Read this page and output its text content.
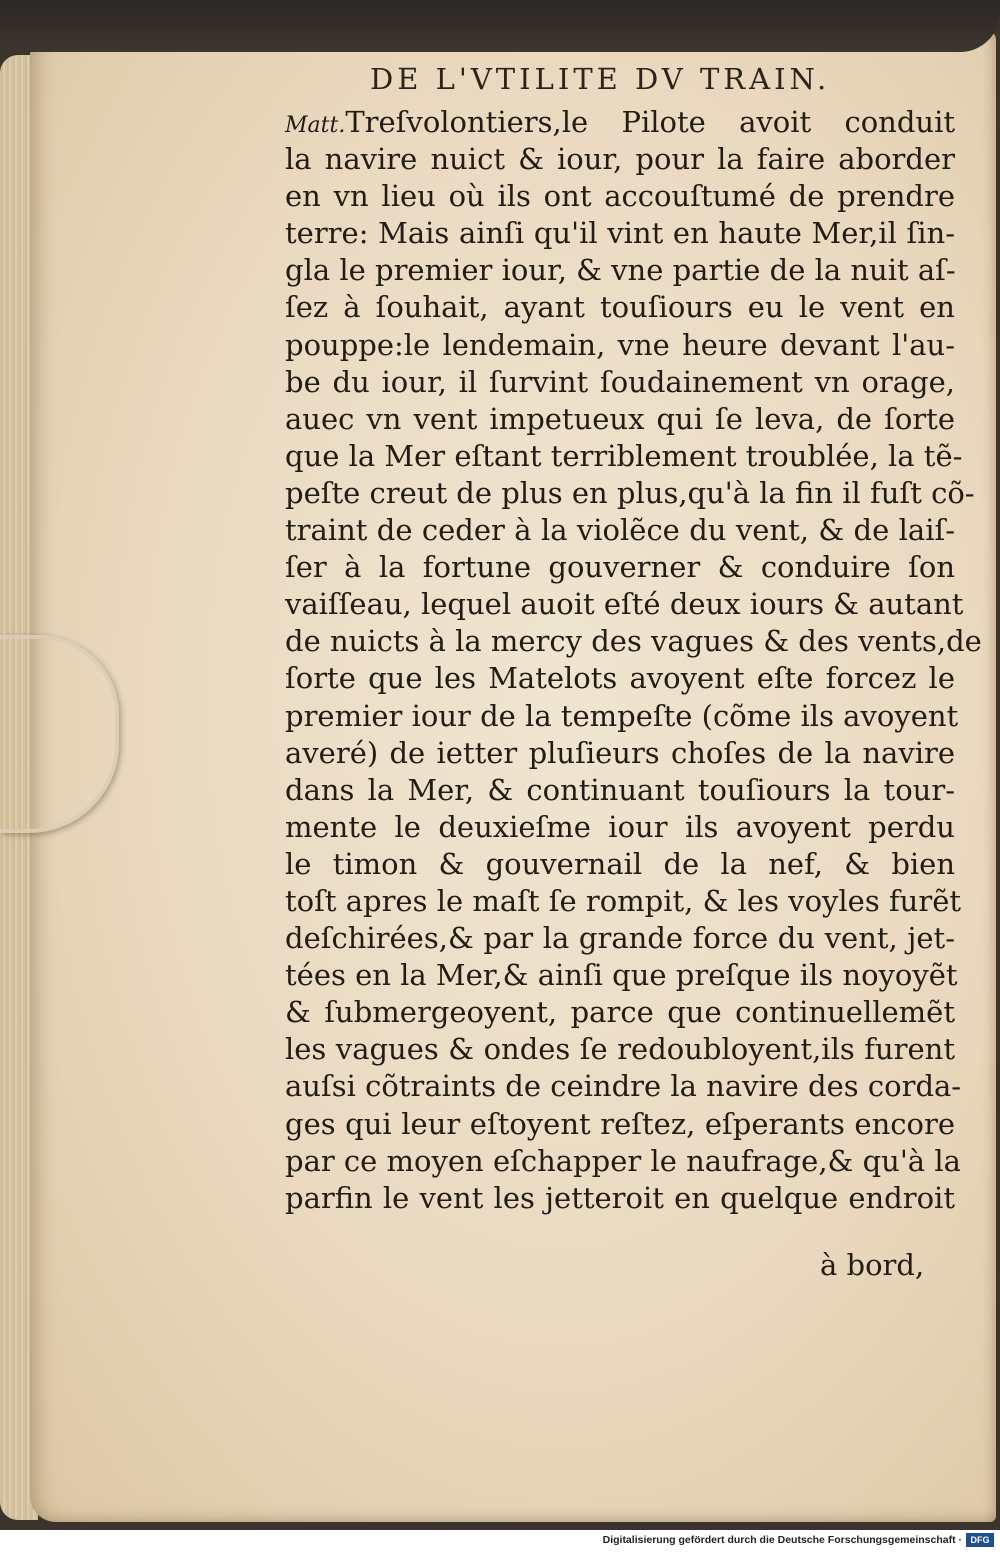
DE L'VTILITE DV TRAIN.
Matt.Treſvolontiers,le Pilote avoit conduit
la navire nuict & iour, pour la faire aborder
en vn lieu où ils ont accouſtumé de prendre
terre: Mais ainſi qu'il vint en haute Mer,il ſin-
gla le premier iour, & vne partie de la nuit aſ-
ſez à ſouhait, ayant touſiours eu le vent en
pouppe:le lendemain, vne heure devant l'au-
be du iour, il ſurvint ſoudainement vn orage,
auec vn vent impetueux qui ſe leva, de ſorte
que la Mer eſtant terriblement troublée, la tẽ-
peſte creut de plus en plus,qu'à la fin il fuſt cõ-
traint de ceder à la violẽce du vent, & de laiſ-
ſer à la fortune gouverner & conduire ſon
vaiſſeau, lequel auoit eſté deux iours & autant
de nuicts à la mercy des vagues & des vents,de
ſorte que les Matelots avoyent eſte forcez le
premier iour de la tempeſte (cõme ils avoyent
averé) de ietter pluſieurs choſes de la navire
dans la Mer, & continuant touſiours la tour-
mente le deuxieſme iour ils avoyent perdu
le timon & gouvernail de la nef, & bien
toſt apres le maſt ſe rompit, & les voyles furẽt
deſchirées,& par la grande force du vent, jet-
tées en la Mer,& ainſi que preſque ils noyoyẽt
& ſubmergeoyent, parce que continuellemẽt
les vagues & ondes ſe redoubloyent,ils furent
auſsi cõtraints de ceindre la navire des corda-
ges qui leur eſtoyent reſtez, eſperants encore
par ce moyen eſchapper le naufrage,& qu'à la
parfin le vent les jetteroit en quelque endroit
à bord,
Digitalisierung gefördert durch die Deutsche Forschungsgemeinschaft · DFG
